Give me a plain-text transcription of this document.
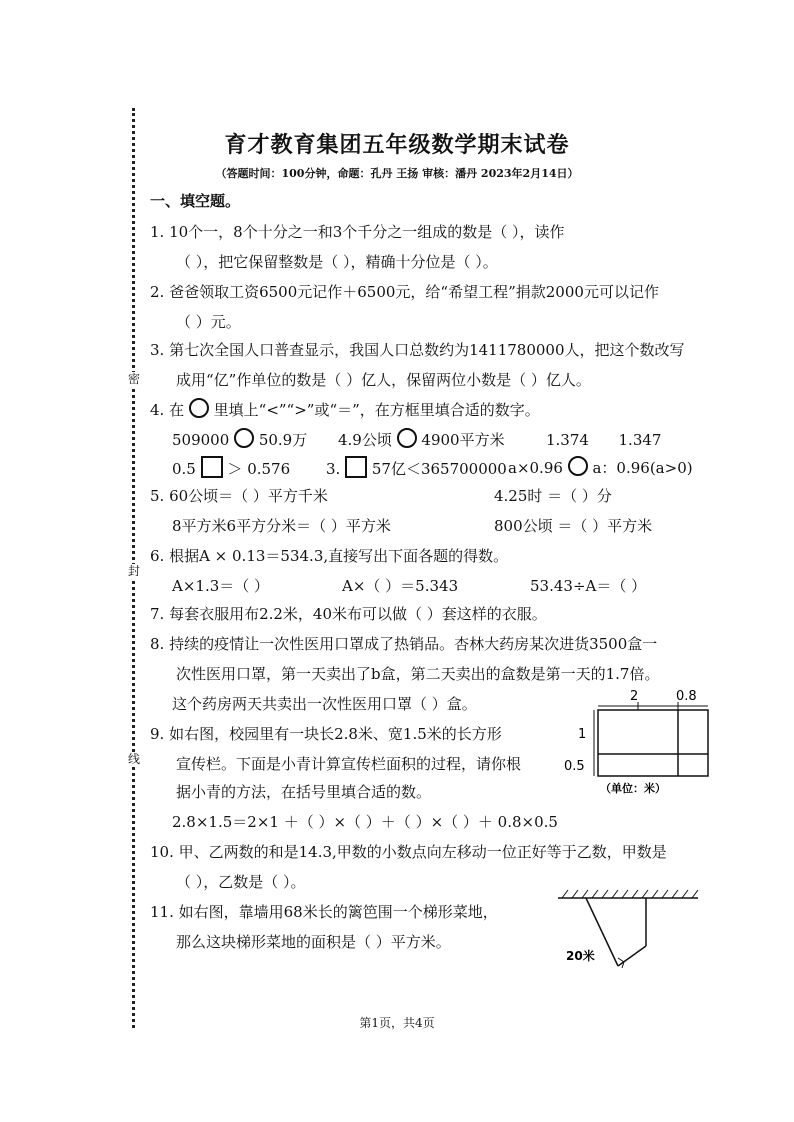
密
封
线
育才教育集团五年级数学期末试卷
（答题时间：100分钟，命题：孔丹 王扬 审核：潘丹 2023年2月14日）
一、填空题。
1. 10个一，8个十分之一和3个千分之一组成的数是（ ），读作
（ ），把它保留整数是（ ），精确十分位是（ ）。
2. 爸爸领取工资6500元记作＋6500元，给“希望工程”捐款2000元可以记作
（ ）元。
3. 第七次全国人口普查显示，我国人口总数约为1411780000人，把这个数改写
成用“亿”作单位的数是（ ）亿人，保留两位小数是（ ）亿人。
4. 在 里填上“<”“>”或“＝”，在方框里填合适的数字。
509000 50.9万 4.9公顷 4900平方米	1.374 1.347
0.5 ＞ 0.576 3. 57亿＜365700000 a×0.96 a：0.96(a>0)
5. 60公顷＝（ ）平方千米	4.25时 ＝（ ）分
8平方米6平方分米＝（ ）平方米	800公顷 ＝（ ）平方米
6. 根据A × 0.13＝534.3,直接写出下面各题的得数。
A×1.3＝（ ）	A×（ ）＝5.343	53.43÷A＝（ ）
7. 每套衣服用布2.2米，40米布可以做（ ）套这样的衣服。
8. 持续的疫情让一次性医用口罩成了热销品。杏林大药房某次进货3500盒一
次性医用口罩，第一天卖出了b盒，第二天卖出的盒数是第一天的1.7倍。
这个药房两天共卖出一次性医用口罩（ ）盒。
9. 如右图，校园里有一块长2.8米、宽1.5米的长方形
宣传栏。下面是小青计算宣传栏面积的过程，请你根
据小青的方法，在括号里填合适的数。
2.8×1.5＝2×1 ＋（ ）×（ ）＋（ ）×（ ）＋ 0.8×0.5
2	0.8
1
0.5
（单位：米）
10. 甲、乙两数的和是14.3,甲数的小数点向左移动一位正好等于乙数，甲数是
（ ），乙数是（ ）。
11. 如右图，靠墙用68米长的篱笆围一个梯形菜地，
那么这块梯形菜地的面积是（ ）平方米。
20米
第1页，共4页
